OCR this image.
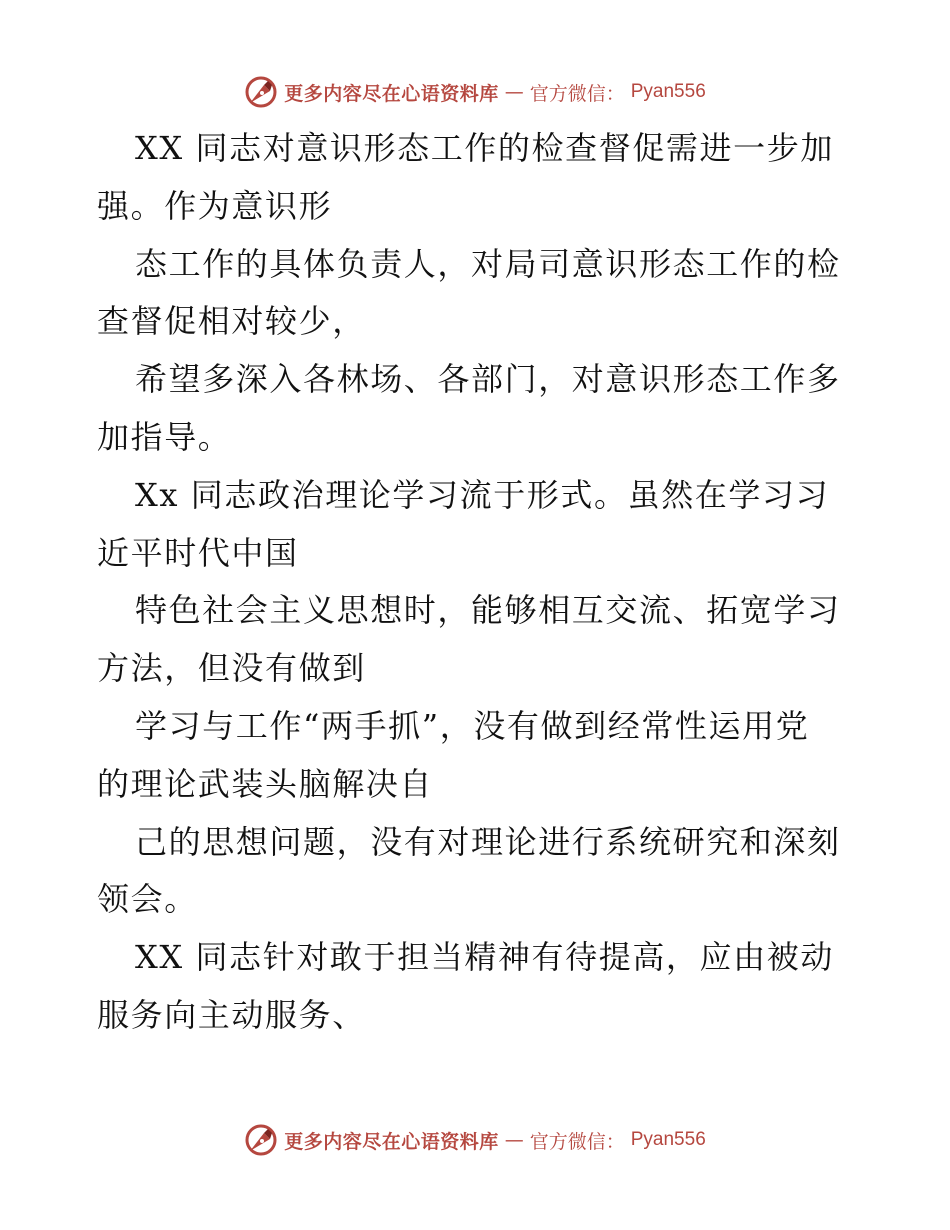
更多内容尽在心语资料库 — 官方微信： Pyan556
XX 同志对意识形态工作的检查督促需进一步加
强。作为意识形
态工作的具体负责人，对局司意识形态工作的检
查督促相对较少，
希望多深入各林场、各部门，对意识形态工作多
加指导。
Xx 同志政治理论学习流于形式。虽然在学习习
近平时代中国
特色社会主义思想时，能够相互交流、拓宽学习
方法，但没有做到
学习与工作“两手抓”，没有做到经常性运用党
的理论武装头脑解决自
己的思想问题，没有对理论进行系统研究和深刻
领会。
XX 同志针对敢于担当精神有待提高，应由被动
服务向主动服务、
更多内容尽在心语资料库 — 官方微信： Pyan556
